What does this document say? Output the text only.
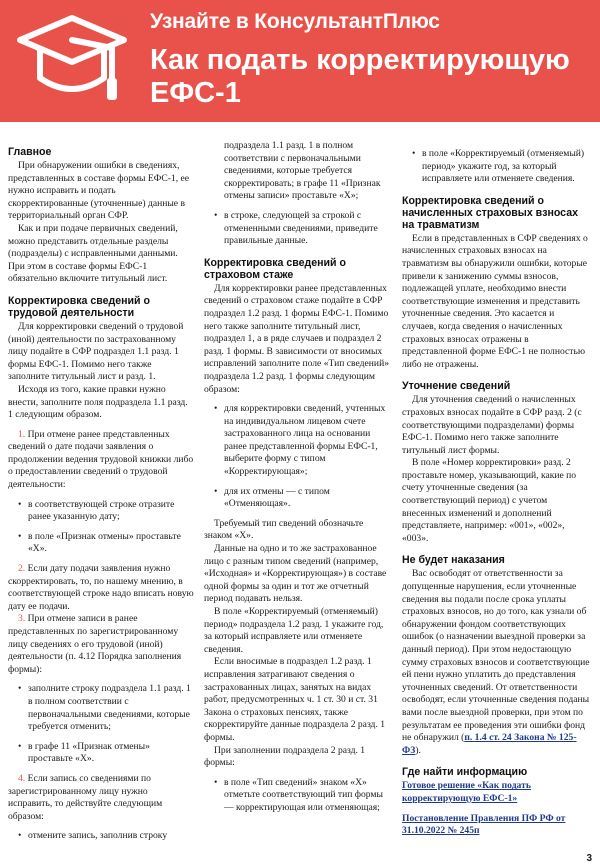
Узнайте в КонсультантПлюс
Как подать корректирующую ЕФС-1
Главное

При обнаружении ошибки в сведениях, представленных в составе формы ЕФС-1, ее нужно исправить и подать скорректированные (уточненные) данные в территориальный орган СФР.

Как и при подаче первичных сведений, можно представить отдельные разделы (подразделы) с исправленными данными. При этом в составе формы ЕФС-1 обязательно включите титульный лист.

Корректировка сведений о трудовой деятельности

Для корректировки сведений о трудовой (иной) деятельности по застрахованному лицу подайте в СФР подраздел 1.1 разд. 1 формы ЕФС-1. Помимо него также заполните титульный лист и разд. 1.

Исходя из того, какие правки нужно внести, заполните поля подраздела 1.1 разд. 1 следующим образом.

1. При отмене ранее представленных сведений о дате подачи заявления о продолжении ведения трудовой книжки либо о предоставлении сведений о трудовой деятельности:

• в соответствующей строке отразите ранее указанную дату;
• в поле «Признак отмены» проставьте «Х».

2. Если дату подачи заявления нужно скорректировать, то, по нашему мнению, в соответствующей строке надо вписать новую дату ее подачи.

3. При отмене записи в ранее представленных по зарегистрированному лицу сведениях о его трудовой (иной) деятельности (п. 4.12 Порядка заполнения формы):

• заполните строку подраздела 1.1 разд. 1 в полном соответствии с первоначальными сведениями, которые требуется отменить;
• в графе 11 «Признак отмены» проставьте «Х».

4. Если запись со сведениями по зарегистрированному лицу нужно исправить, то действуйте следующим образом:

• отмените запись, заполнив строку

подраздела 1.1 разд. 1 в полном соответствии с первоначальными сведениями, которые требуется скорректировать; в графе 11 «Признак отмены записи» проставьте «Х»;

• в строке, следующей за строкой с отмененными сведениями, приведите правильные данные.
Корректировка сведений о страховом стаже

Для корректировки ранее представленных сведений о страховом стаже подайте в СФР подраздел 1.2 разд. 1 формы ЕФС-1. Помимо него также заполните титульный лист, подраздел 1, а в ряде случаев и подраздел 2 разд. 1 формы. В зависимости от вносимых исправлений заполните поле «Тип сведений» подраздела 1.2 разд. 1 формы следующим образом:

• для корректировки сведений, учтенных на индивидуальном лицевом счете застрахованного лица на основании ранее представленной формы ЕФС-1, выберите форму с типом «Корректирующая»;
• для их отмены — с типом «Отменяющая».

Требуемый тип сведений обозначьте знаком «Х».

Данные на одно и то же застрахованное лицо с разным типом сведений (например, «Исходная» и «Корректирующая») в составе одной формы за один и тот же отчетный период подавать нельзя.

В поле «Корректируемый (отменяемый) период» подраздела 1.2 разд. 1 укажите год, за который исправляете или отменяете сведения.

Если вносимые в подраздел 1.2 разд. 1 исправления затрагивают сведения о застрахованных лицах, занятых на видах работ, предусмотренных ч. 1 ст. 30 и ст. 31 Закона о страховых пенсиях, также скорректируйте данные подраздела 2 разд. 1 формы.

При заполнении подраздела 2 разд. 1 формы:

• в поле «Тип сведений» знаком «Х» отметьте соответствующий тип формы — корректирующая или отменяющая;
• в поле «Корректируемый (отменяемый) период» укажите год, за который исправляете или отменяете сведения.
Корректировка сведений о начисленных страховых взносах на травматизм

Если в представленных в СФР сведениях о начисленных страховых взносах на травматизм вы обнаружили ошибки, которые привели к занижению суммы взносов, подлежащей уплате, необходимо внести соответствующие изменения и представить уточненные сведения. Это касается и случаев, когда сведения о начисленных страховых взносах отражены в представленной форме ЕФС-1 не полностью либо не отражены.

Уточнение сведений

Для уточнения сведений о начисленных страховых взносах подайте в СФР разд. 2 (с соответствующими подразделами) формы ЕФС-1. Помимо него также заполните титульный лист формы.

В поле «Номер корректировки» разд. 2 проставьте номер, указывающий, какие по счету уточненные сведения (за соответствующий период) с учетом внесенных изменений и дополнений представляете, например: «001», «002», «003».

Не будет наказания

Вас освободят от ответственности за допущенные нарушения, если уточненные сведения вы подали после срока уплаты страховых взносов, но до того, как узнали об обнаружении фондом соответствующих ошибок (о назначении выездной проверки за данный период). При этом недостающую сумму страховых взносов и соответствующие ей пени нужно уплатить до представления уточненных сведений. От ответственности освободят, если уточненные сведения поданы вами после выездной проверки, при этом по результатам ее проведения эти ошибки фонд не обнаружил (п. 1.4 ст. 24 Закона № 125-ФЗ).

Где найти информацию

Готовое решение «Как подать корректирующую ЕФС-1»

Постановление Правления ПФ РФ от 31.10.2022 № 245п

3
